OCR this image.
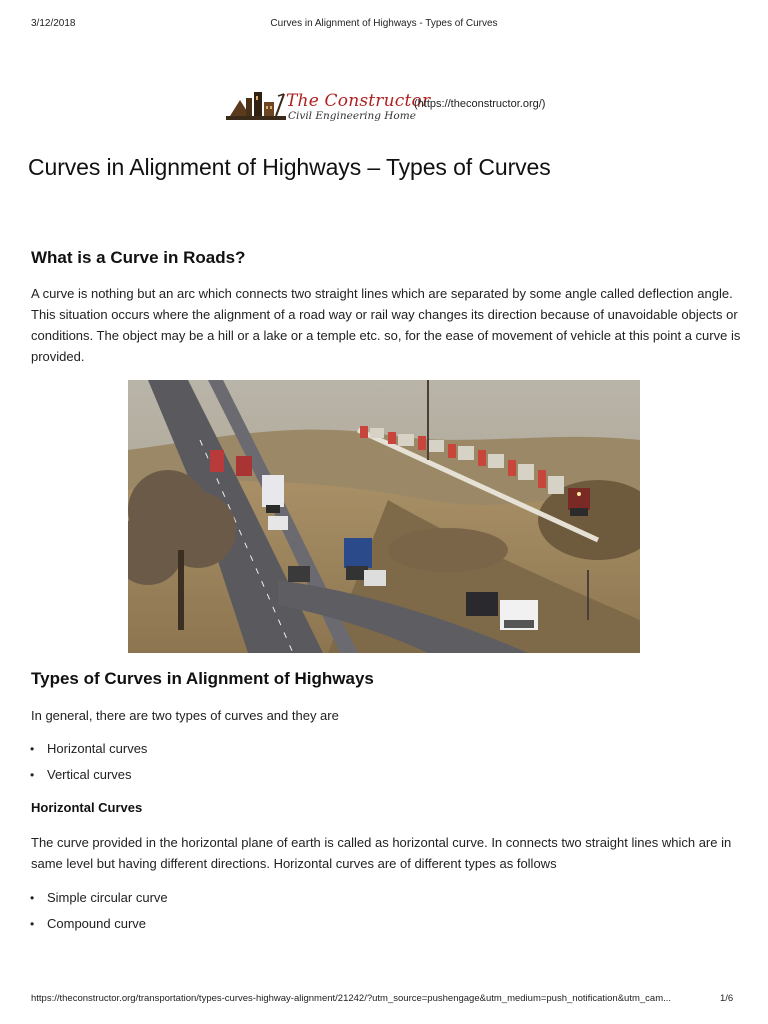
3/12/2018	Curves in Alignment of Highways - Types of Curves
The Constructor
Civil Engineering Home
(https://theconstructor.org/)
Curves in Alignment of Highways – Types of Curves
What is a Curve in Roads?

A curve is nothing but an arc which connects two straight lines which are separated by some angle called deflection angle. This situation occurs where the alignment of a road way or rail way changes its direction because of unavoidable objects or conditions. The object may be a hill or a lake or a temple etc. so, for the ease of movement of vehicle at this point a curve is provided.

Types of Curves in Alignment of Highways

In general, there are two types of curves and they are

• Horizontal curves
• Vertical curves
Horizontal Curves

The curve provided in the horizontal plane of earth is called as horizontal curve. In connects two straight lines which are in same level but having different directions. Horizontal curves are of different types as follows

• Simple circular curve
• Compound curve
https://theconstructor.org/transportation/types-curves-highway-alignment/21242/?utm_source=pushengage&utm_medium=push_notification&utm_cam...	1/6
